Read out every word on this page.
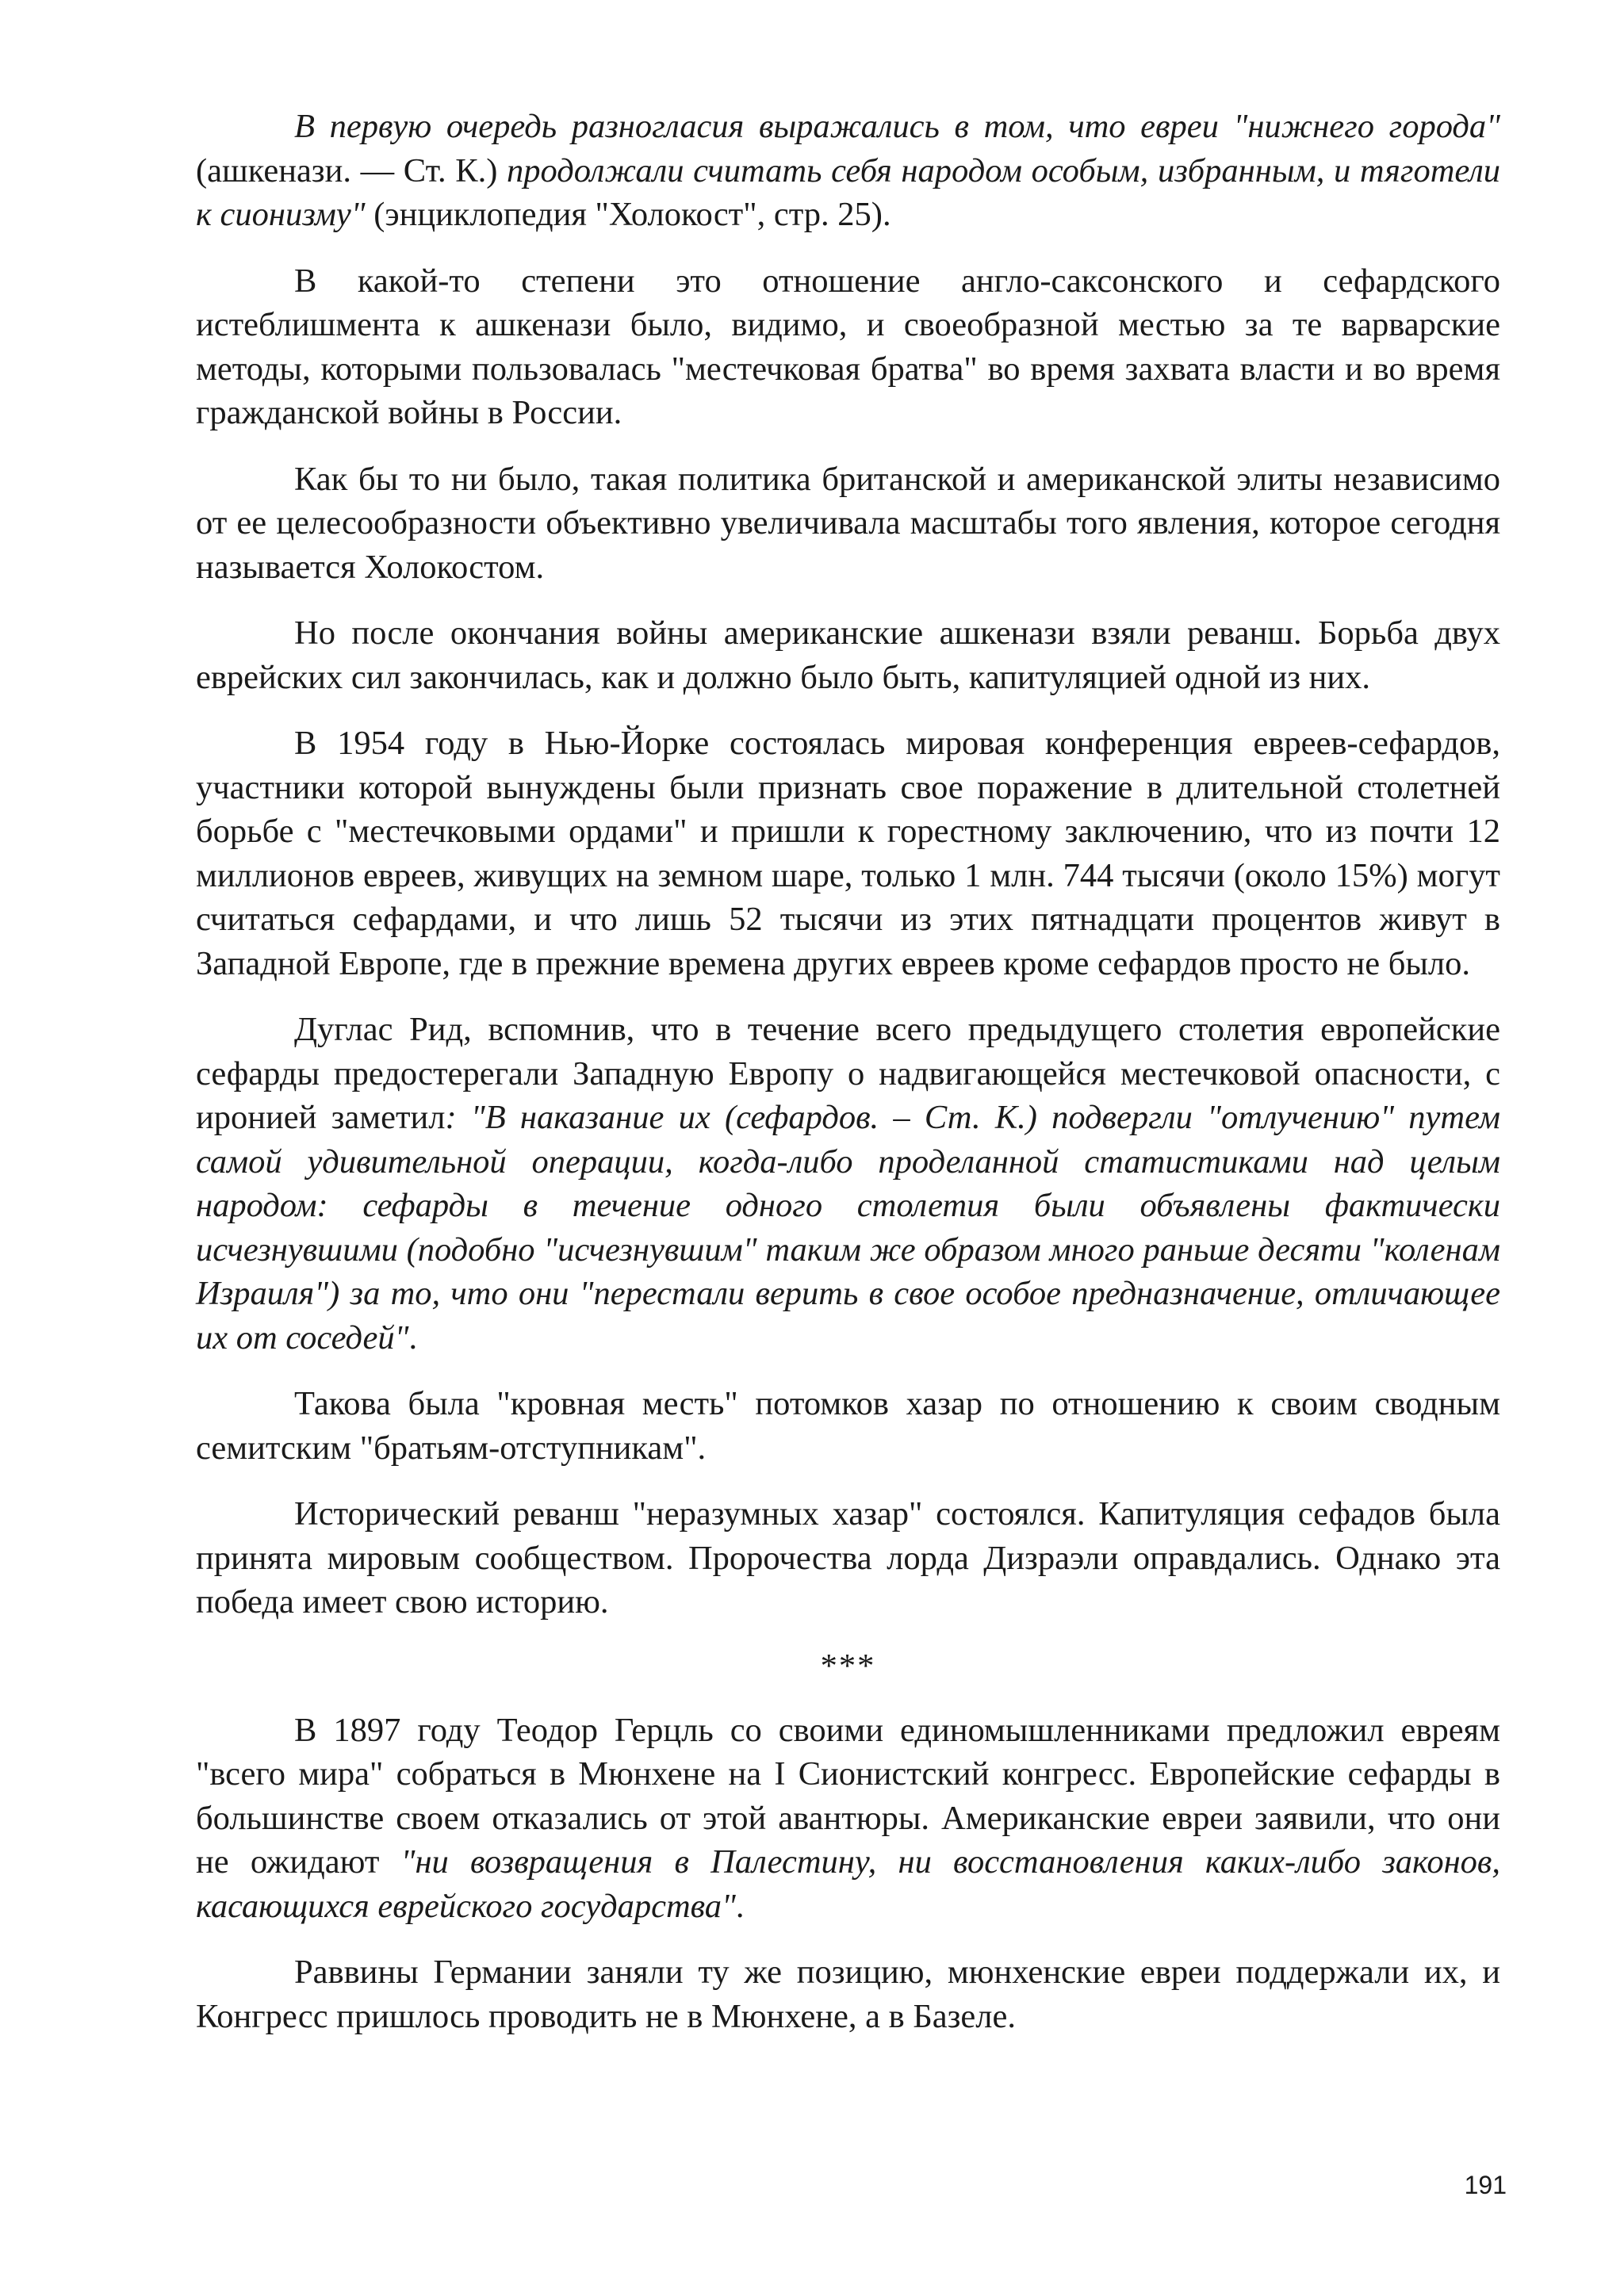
В первую очередь разногласия выражались в том, что евреи "нижнего города" (ашкенази. — Ст. К.) продолжали считать себя народом особым, избранным, и тяготели к сионизму" (энциклопедия "Холокост", стр. 25).

В какой-то степени это отношение англо-саксонского и сефардского истеблишмента к ашкенази было, видимо, и своеобразной местью за те варварские методы, которыми пользовалась "местечковая братва" во время захвата власти и во время гражданской войны в России.

Как бы то ни было, такая политика британской и американской элиты независимо от ее целесообразности объективно увеличивала масштабы того явления, которое сегодня называется Холокостом.

Но после окончания войны американские ашкенази взяли реванш. Борьба двух еврейских сил закончилась, как и должно было быть, капитуляцией одной из них.

В 1954 году в Нью-Йорке состоялась мировая конференция евреев-сефардов, участники которой вынуждены были признать свое поражение в длительной столетней борьбе с "местечковыми ордами" и пришли к горестному заключению, что из почти 12 миллионов евреев, живущих на земном шаре, только 1 млн. 744 тысячи (около 15%) могут считаться сефардами, и что лишь 52 тысячи из этих пятнадцати процентов живут в Западной Европе, где в прежние времена других евреев кроме сефардов просто не было.

Дуглас Рид, вспомнив, что в течение всего предыдущего столетия европейские сефарды предостерегали Западную Европу о надвигающейся местечковой опасности, с иронией заметил: "В наказание их (сефардов. – Ст. К.) подвергли "отлучению" путем самой удивительной операции, когда-либо проделанной статистиками над целым народом: сефарды в течение одного столетия были объявлены фактически исчезнувшими (подобно "исчезнувшим" таким же образом много раньше десяти "коленам Израиля") за то, что они "перестали верить в свое особое предназначение, отличающее их от соседей".

Такова была "кровная месть" потомков хазар по отношению к своим сводным семитским "братьям-отступникам".

Исторический реванш "неразумных хазар" состоялся. Капитуляция сефадов была принята мировым сообществом. Пророчества лорда Дизраэли оправдались. Однако эта победа имеет свою историю.

***

В 1897 году Теодор Герцль со своими единомышленниками предложил евреям "всего мира" собраться в Мюнхене на I Сионистский конгресс. Европейские сефарды в большинстве своем отказались от этой авантюры. Американские евреи заявили, что они не ожидают "ни возвращения в Палестину, ни восстановления каких-либо законов, касающихся еврейского государства".

Раввины Германии заняли ту же позицию, мюнхенские евреи поддержали их, и Конгресс пришлось проводить не в Мюнхене, а в Базеле.

191
